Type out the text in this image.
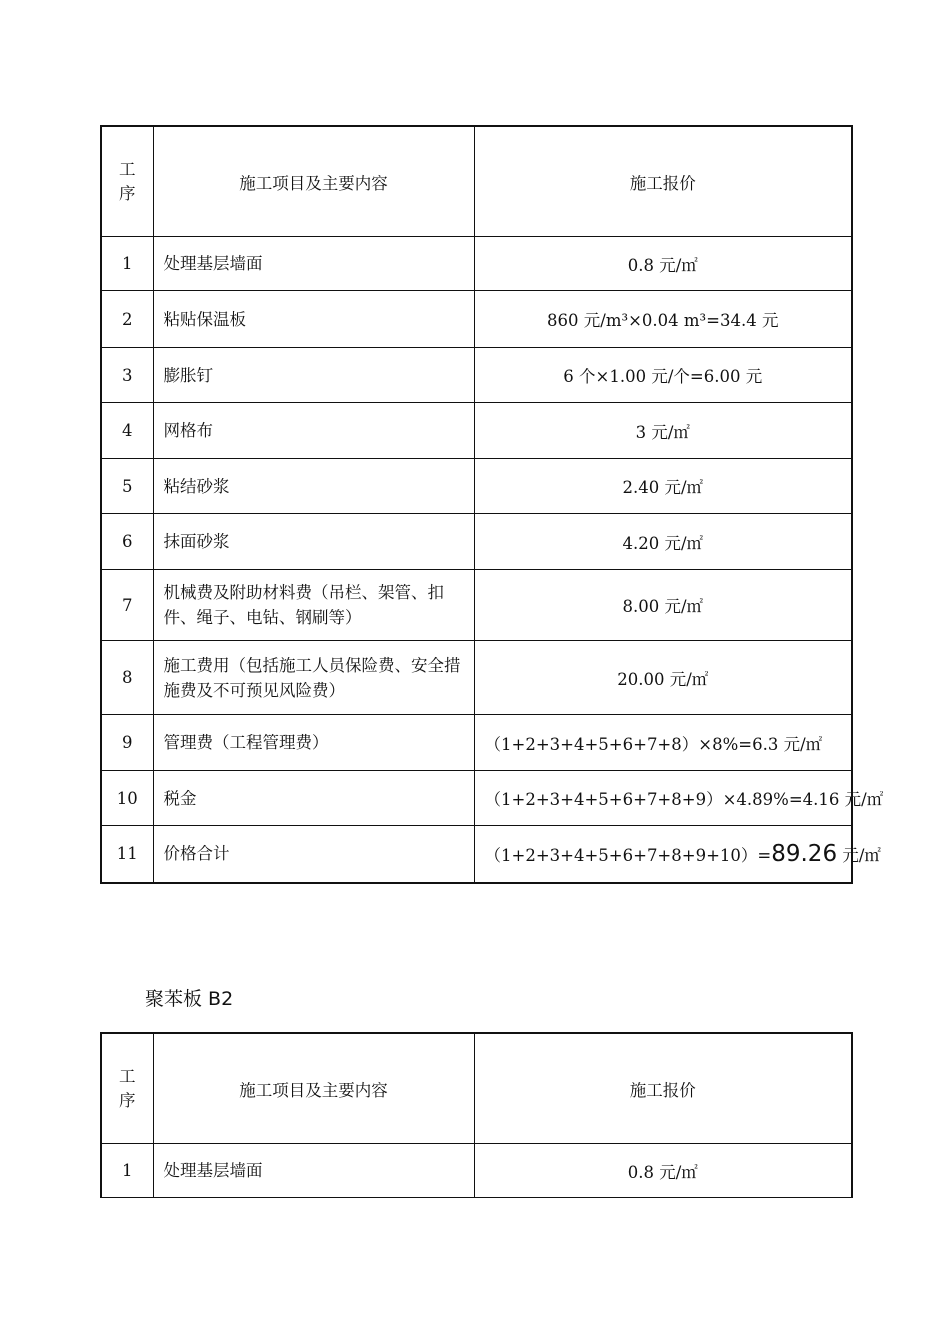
工序	施工项目及主要内容	施工报价
1	处理基层墙面	0.8 元/㎡
2	粘贴保温板	860 元/m³×0.04 m³=34.4 元
3	膨胀钉	6 个×1.00 元/个=6.00 元
4	网格布	3 元/㎡
5	粘结砂浆	2.40 元/㎡
6	抹面砂浆	4.20 元/㎡
7	机械费及附助材料费（吊栏、架管、扣件、绳子、电钻、钢刷等）	8.00 元/㎡
8	施工费用（包括施工人员保险费、安全措施费及不可预见风险费）	20.00 元/㎡
9	管理费（工程管理费）	（1+2+3+4+5+6+7+8）×8%=6.3 元/㎡
10	税金	（1+2+3+4+5+6+7+8+9）×4.89%=4.16 元/㎡
11	价格合计	（1+2+3+4+5+6+7+8+9+10）=89.26 元/㎡
聚苯板 B2
工序	施工项目及主要内容	施工报价
1	处理基层墙面	0.8 元/㎡
